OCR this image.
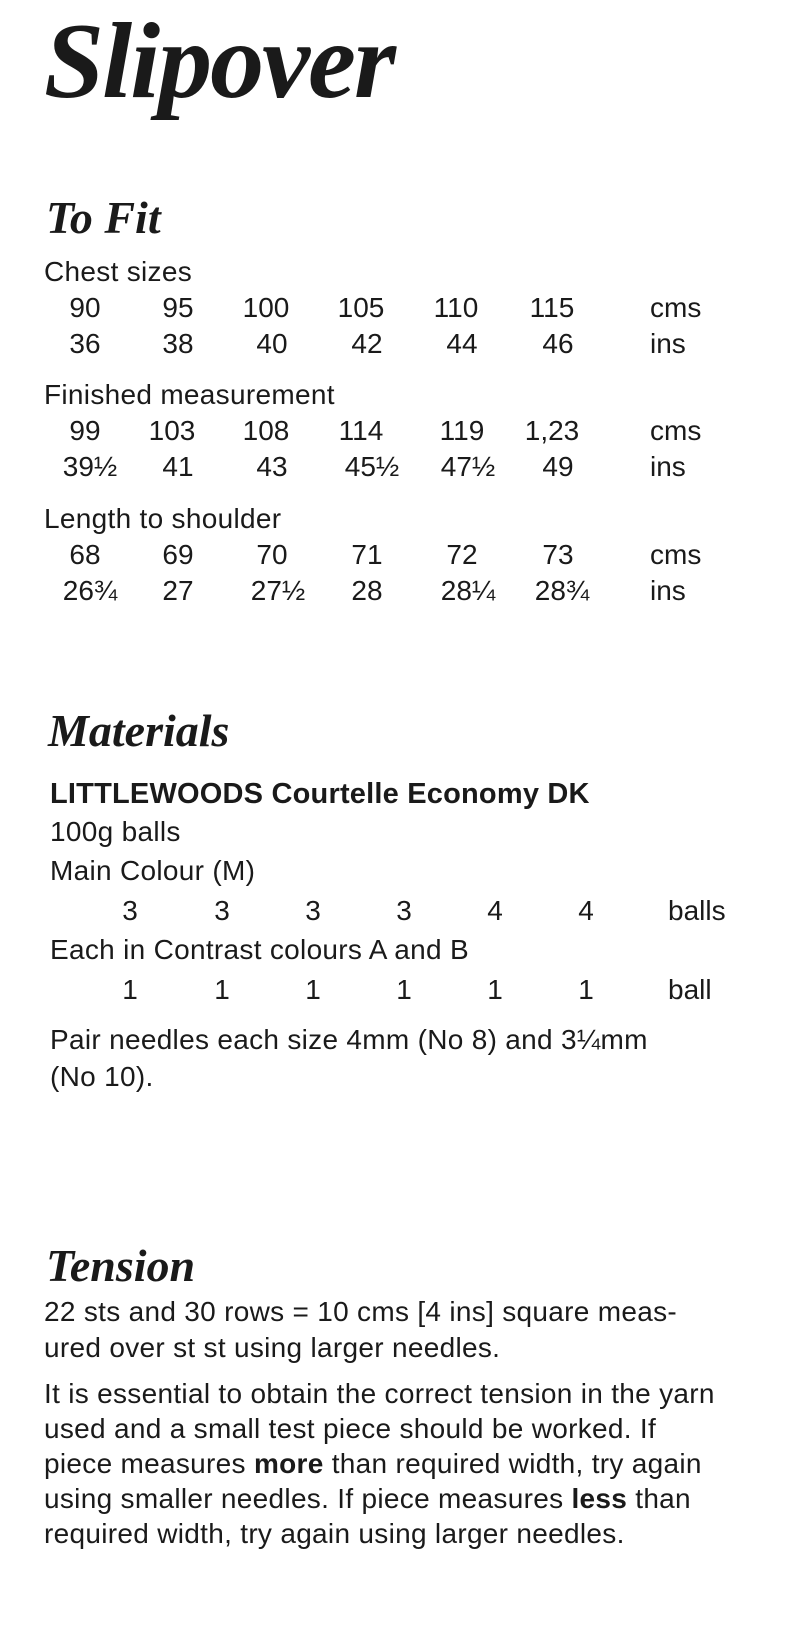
Slipover
To Fit
Chest sizes
90 95 100 105 110 115	cms
36 38 40 42 44 46	ins
Finished measurement
99 103 108 114 119 1,23	cms
39½ 41 43 45½ 47½ 49	ins
Length to shoulder
68 69 70 71 72 73	cms
26¾ 27 27½ 28 28¼ 28¾ ins
Materials
LITTLEWOODS Courtelle Economy DK
100g balls
Main Colour (M)
3	3	3	3	4	4	balls
Each in Contrast colours A and B
1	1	1	1	1	1	ball
Pair needles each size 4mm (No 8) and 3¼mm
(No 10).
Tension
22 sts and 30 rows = 10 cms [4 ins] square meas-
ured over st st using larger needles.
It is essential to obtain the correct tension in the yarn
used and a small test piece should be worked. If
piece measures more than required width, try again
using smaller needles. If piece measures less than
required width, try again using larger needles.
